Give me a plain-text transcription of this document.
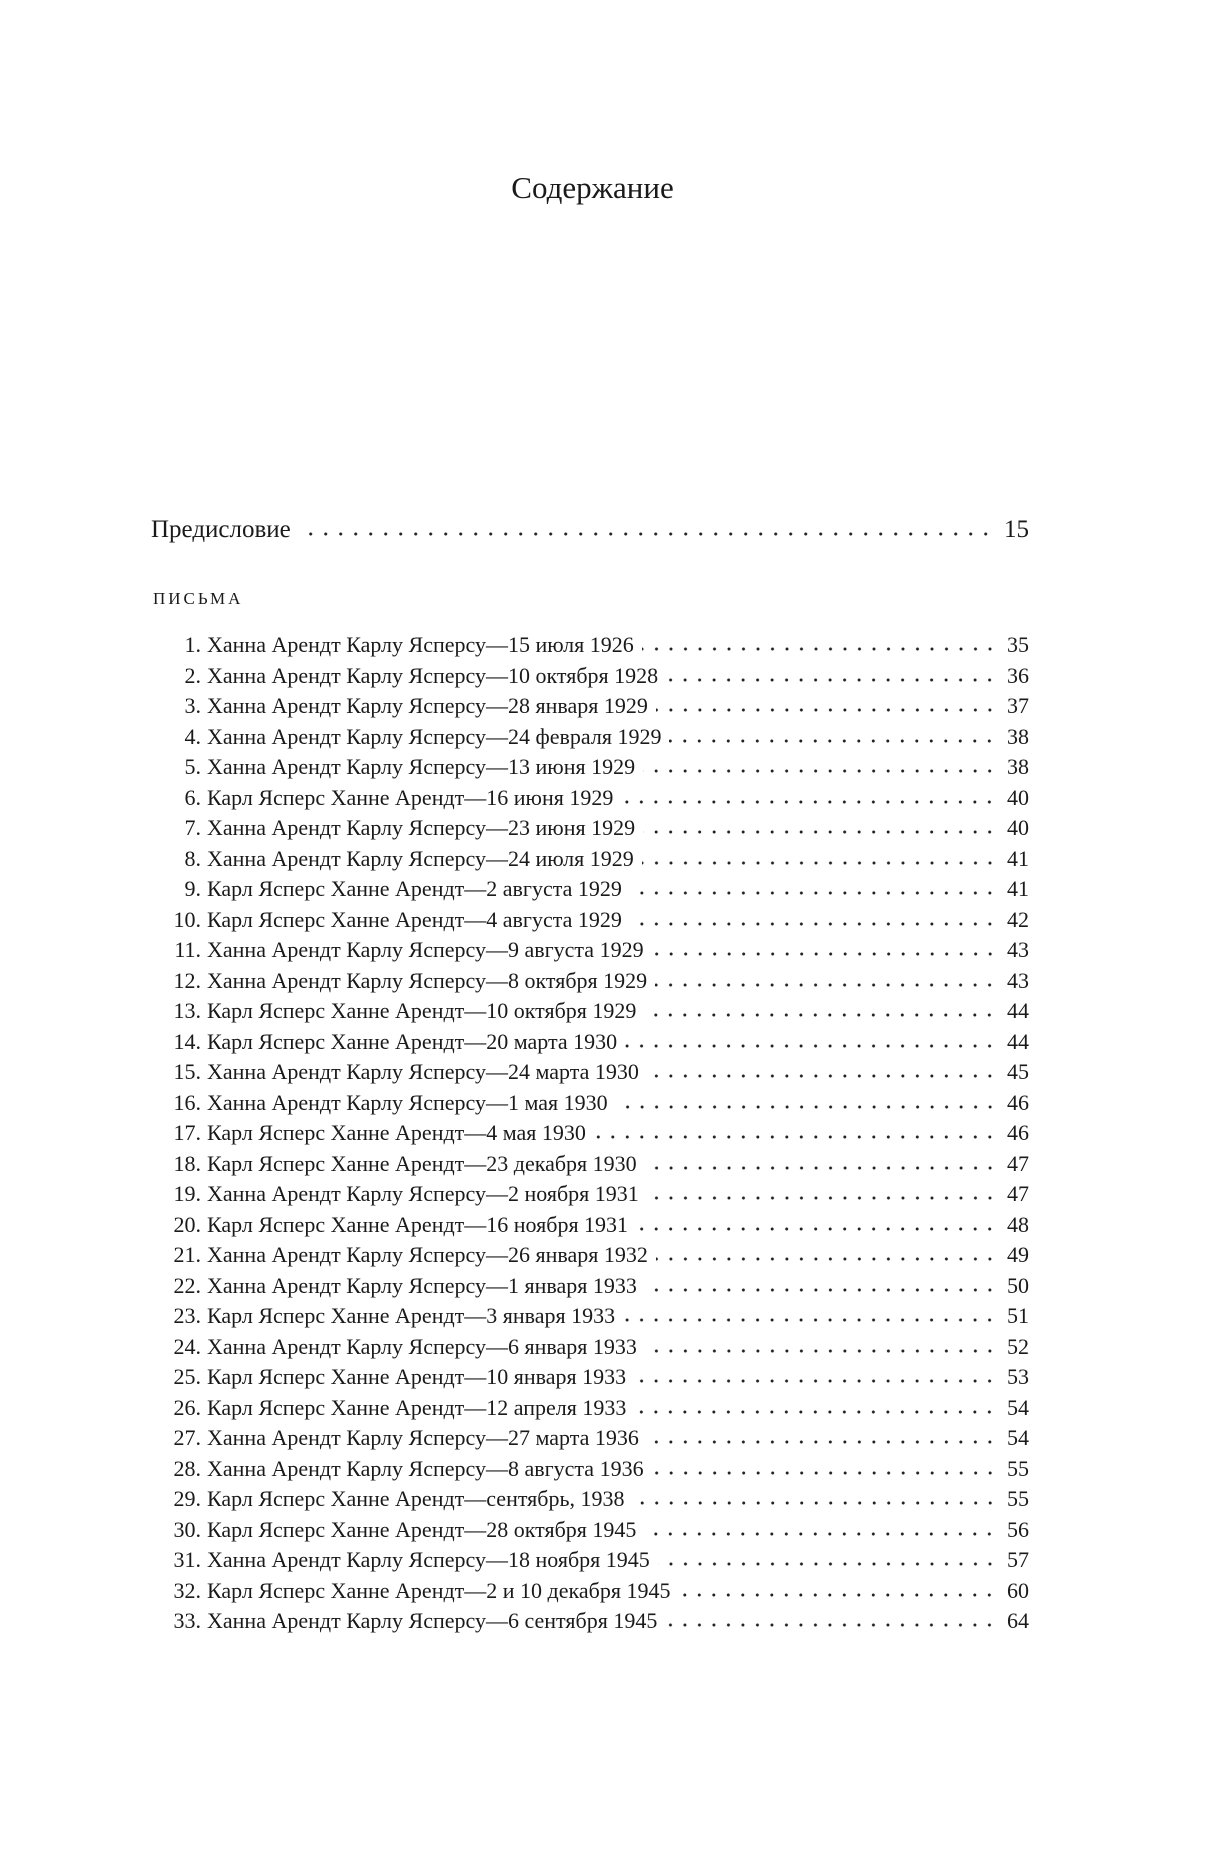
Содержание
Предисловие	15
ПИСЬМА
1. Ханна Арендт Карлу Ясперсу—15 июля 1926	35
2. Ханна Арендт Карлу Ясперсу—10 октября 1928	36
3. Ханна Арендт Карлу Ясперсу—28 января 1929	37
4. Ханна Арендт Карлу Ясперсу—24 февраля 1929	38
5. Ханна Арендт Карлу Ясперсу—13 июня 1929	38
6. Карл Ясперс Ханне Арендт—16 июня 1929	40
7. Ханна Арендт Карлу Ясперсу—23 июня 1929	40
8. Ханна Арендт Карлу Ясперсу—24 июля 1929	41
9. Карл Ясперс Ханне Арендт—2 августа 1929	41
10. Карл Ясперс Ханне Арендт—4 августа 1929	42
11. Ханна Арендт Карлу Ясперсу—9 августа 1929	43
12. Ханна Арендт Карлу Ясперсу—8 октября 1929	43
13. Карл Ясперс Ханне Арендт—10 октября 1929	44
14. Карл Ясперс Ханне Арендт—20 марта 1930	44
15. Ханна Арендт Карлу Ясперсу—24 марта 1930	45
16. Ханна Арендт Карлу Ясперсу—1 мая 1930	46
17. Карл Ясперс Ханне Арендт—4 мая 1930	46
18. Карл Ясперс Ханне Арендт—23 декабря 1930	47
19. Ханна Арендт Карлу Ясперсу—2 ноября 1931	47
20. Карл Ясперс Ханне Арендт—16 ноября 1931	48
21. Ханна Арендт Карлу Ясперсу—26 января 1932	49
22. Ханна Арендт Карлу Ясперсу—1 января 1933	50
23. Карл Ясперс Ханне Арендт—3 января 1933	51
24. Ханна Арендт Карлу Ясперсу—6 января 1933	52
25. Карл Ясперс Ханне Арендт—10 января 1933	53
26. Карл Ясперс Ханне Арендт—12 апреля 1933	54
27. Ханна Арендт Карлу Ясперсу—27 марта 1936	54
28. Ханна Арендт Карлу Ясперсу—8 августа 1936	55
29. Карл Ясперс Ханне Арендт—сентябрь, 1938	55
30. Карл Ясперс Ханне Арендт—28 октября 1945	56
31. Ханна Арендт Карлу Ясперсу—18 ноября 1945	57
32. Карл Ясперс Ханне Арендт—2 и 10 декабря 1945	60
33. Ханна Арендт Карлу Ясперсу—6 сентября 1945	64
